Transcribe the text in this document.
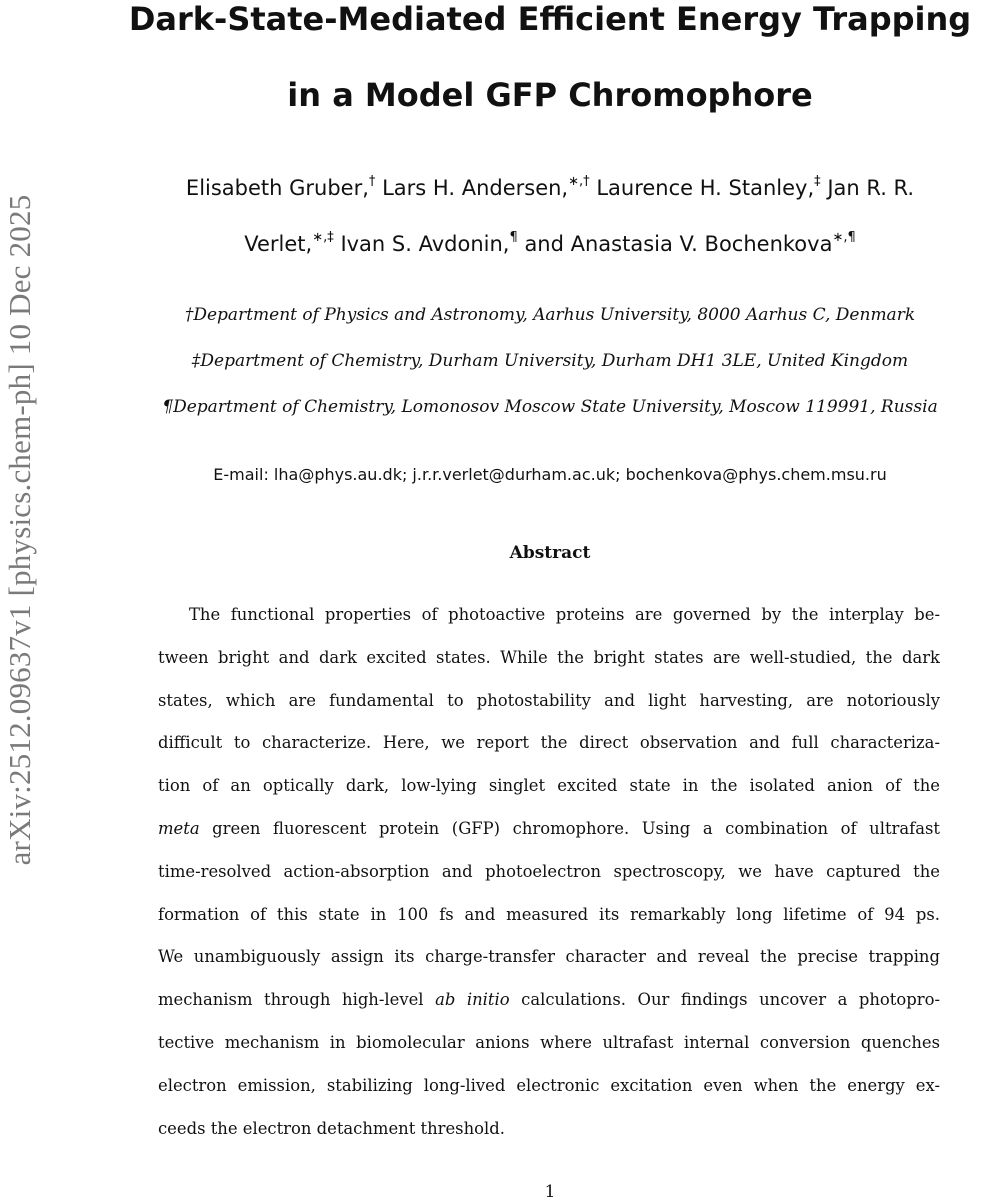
arXiv:2512.09637v1 [physics.chem-ph] 10 Dec 2025
Dark-State-Mediated Efficient Energy Trapping
in a Model GFP Chromophore
Elisabeth Gruber,† Lars H. Andersen,∗,† Laurence H. Stanley,‡ Jan R. R.
Verlet,∗,‡ Ivan S. Avdonin,¶ and Anastasia V. Bochenkova∗,¶
†Department of Physics and Astronomy, Aarhus University, 8000 Aarhus C, Denmark
‡Department of Chemistry, Durham University, Durham DH1 3LE, United Kingdom
¶Department of Chemistry, Lomonosov Moscow State University, Moscow 119991, Russia
E-mail: lha@phys.au.dk; j.r.r.verlet@durham.ac.uk; bochenkova@phys.chem.msu.ru
Abstract
The functional properties of photoactive proteins are governed by the interplay be-
tween bright and dark excited states. While the bright states are well-studied, the dark
states, which are fundamental to photostability and light harvesting, are notoriously
difficult to characterize. Here, we report the direct observation and full characteriza-
tion of an optically dark, low-lying singlet excited state in the isolated anion of the
meta green fluorescent protein (GFP) chromophore. Using a combination of ultrafast
time-resolved action-absorption and photoelectron spectroscopy, we have captured the
formation of this state in 100 fs and measured its remarkably long lifetime of 94 ps.
We unambiguously assign its charge-transfer character and reveal the precise trapping
mechanism through high-level ab initio calculations. Our findings uncover a photopro-
tective mechanism in biomolecular anions where ultrafast internal conversion quenches
electron emission, stabilizing long-lived electronic excitation even when the energy ex-
ceeds the electron detachment threshold.
1
